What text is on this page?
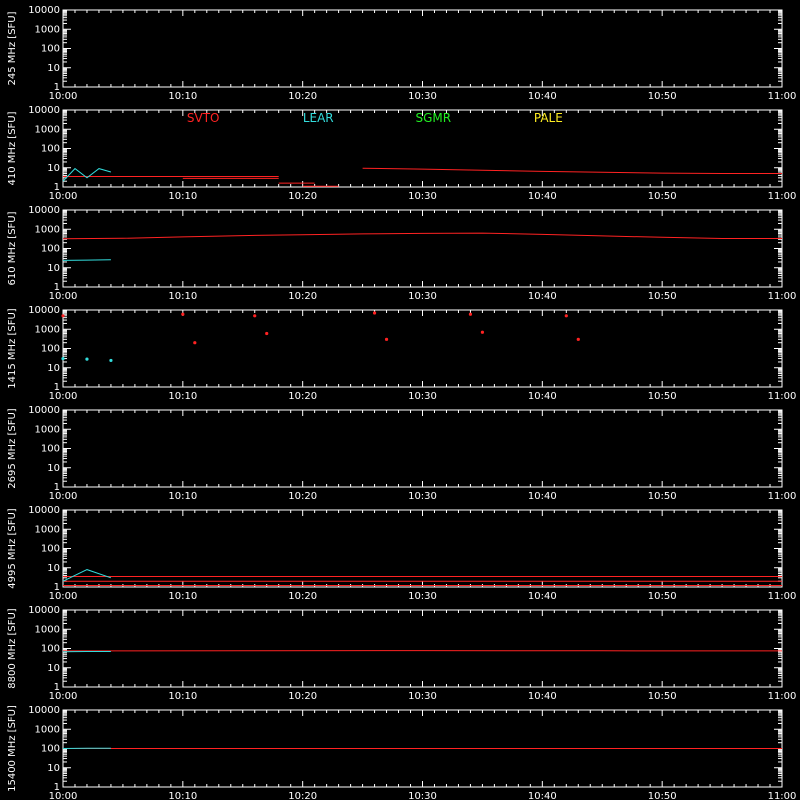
1
10
100
1000
10000
10:00	10:10	10:20	10:30	10:40	10:50	11:00
245 MHz [SFU]
1
10
100
1000
10000
10:00	10:10	10:20	10:30	10:40	10:50	11:00
410 MHz [SFU]	SVTO	LEAR	SGMR	PALE
1
10
100
1000
10000
10:00	10:10	10:20	10:30	10:40	10:50	11:00
610 MHz [SFU]
1
10
100
1000
10000
10:00	10:10	10:20	10:30	10:40	10:50	11:00
1415 MHz [SFU]
1
10
100
1000
10000
10:00	10:10	10:20	10:30	10:40	10:50	11:00
2695 MHz [SFU]
1
10
100
1000
10000
10:00	10:10	10:20	10:30	10:40	10:50	11:00
4995 MHz [SFU]
1
10
100
1000
10000
10:00	10:10	10:20	10:30	10:40	10:50	11:00
8800 MHz [SFU]
1
10
100
1000
10000
10:00	10:10	10:20	10:30	10:40	10:50	11:00
15400 MHz [SFU]
